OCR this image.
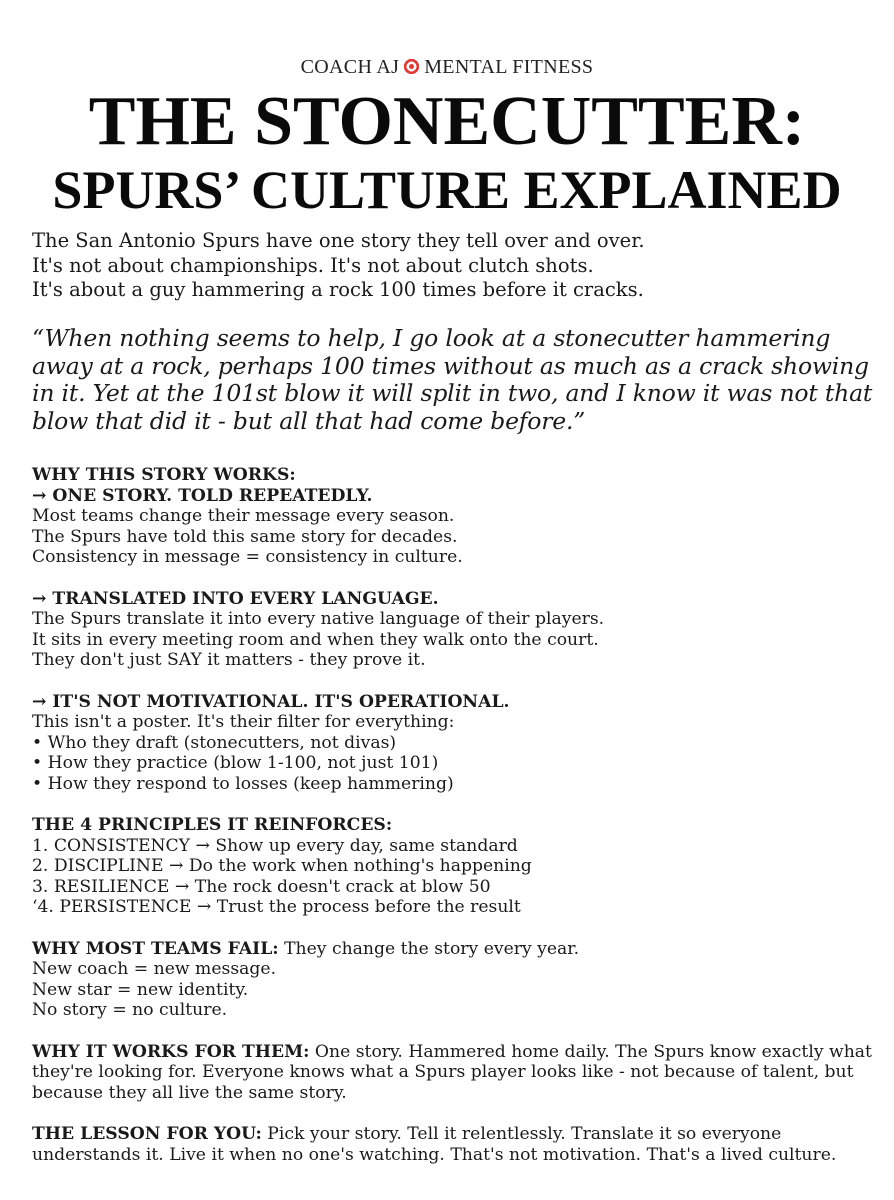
COACH AJ MENTAL FITNESS
THE STONECUTTER:
SPURS’ CULTURE EXPLAINED
The San Antonio Spurs have one story they tell over and over.
It's not about championships. It's not about clutch shots.
It's about a guy hammering a rock 100 times before it cracks.
“When nothing seems to help, I go look at a stonecutter hammering
away at a rock, perhaps 100 times without as much as a crack showing
in it. Yet at the 101st blow it will split in two, and I know it was not that
blow that did it - but all that had come before.”
WHY THIS STORY WORKS:
→ ONE STORY. TOLD REPEATEDLY.
Most teams change their message every season.
The Spurs have told this same story for decades.
Consistency in message = consistency in culture.
→ TRANSLATED INTO EVERY LANGUAGE.
The Spurs translate it into every native language of their players.
It sits in every meeting room and when they walk onto the court.
They don't just SAY it matters - they prove it.
→ IT'S NOT MOTIVATIONAL. IT'S OPERATIONAL.
This isn't a poster. It's their filter for everything:
• Who they draft (stonecutters, not divas)
• How they practice (blow 1-100, not just 101)
• How they respond to losses (keep hammering)
THE 4 PRINCIPLES IT REINFORCES:
1. CONSISTENCY → Show up every day, same standard
2. DISCIPLINE → Do the work when nothing's happening
3. RESILIENCE → The rock doesn't crack at blow 50
‘4. PERSISTENCE → Trust the process before the result
WHY MOST TEAMS FAIL: They change the story every year.
New coach = new message.
New star = new identity.
No story = no culture.
WHY IT WORKS FOR THEM: One story. Hammered home daily. The Spurs know exactly what they're looking for. Everyone knows what a Spurs player looks like - not because of talent, but because they all live the same story.
THE LESSON FOR YOU: Pick your story. Tell it relentlessly. Translate it so everyone understands it. Live it when no one's watching. That's not motivation. That's a lived culture.
